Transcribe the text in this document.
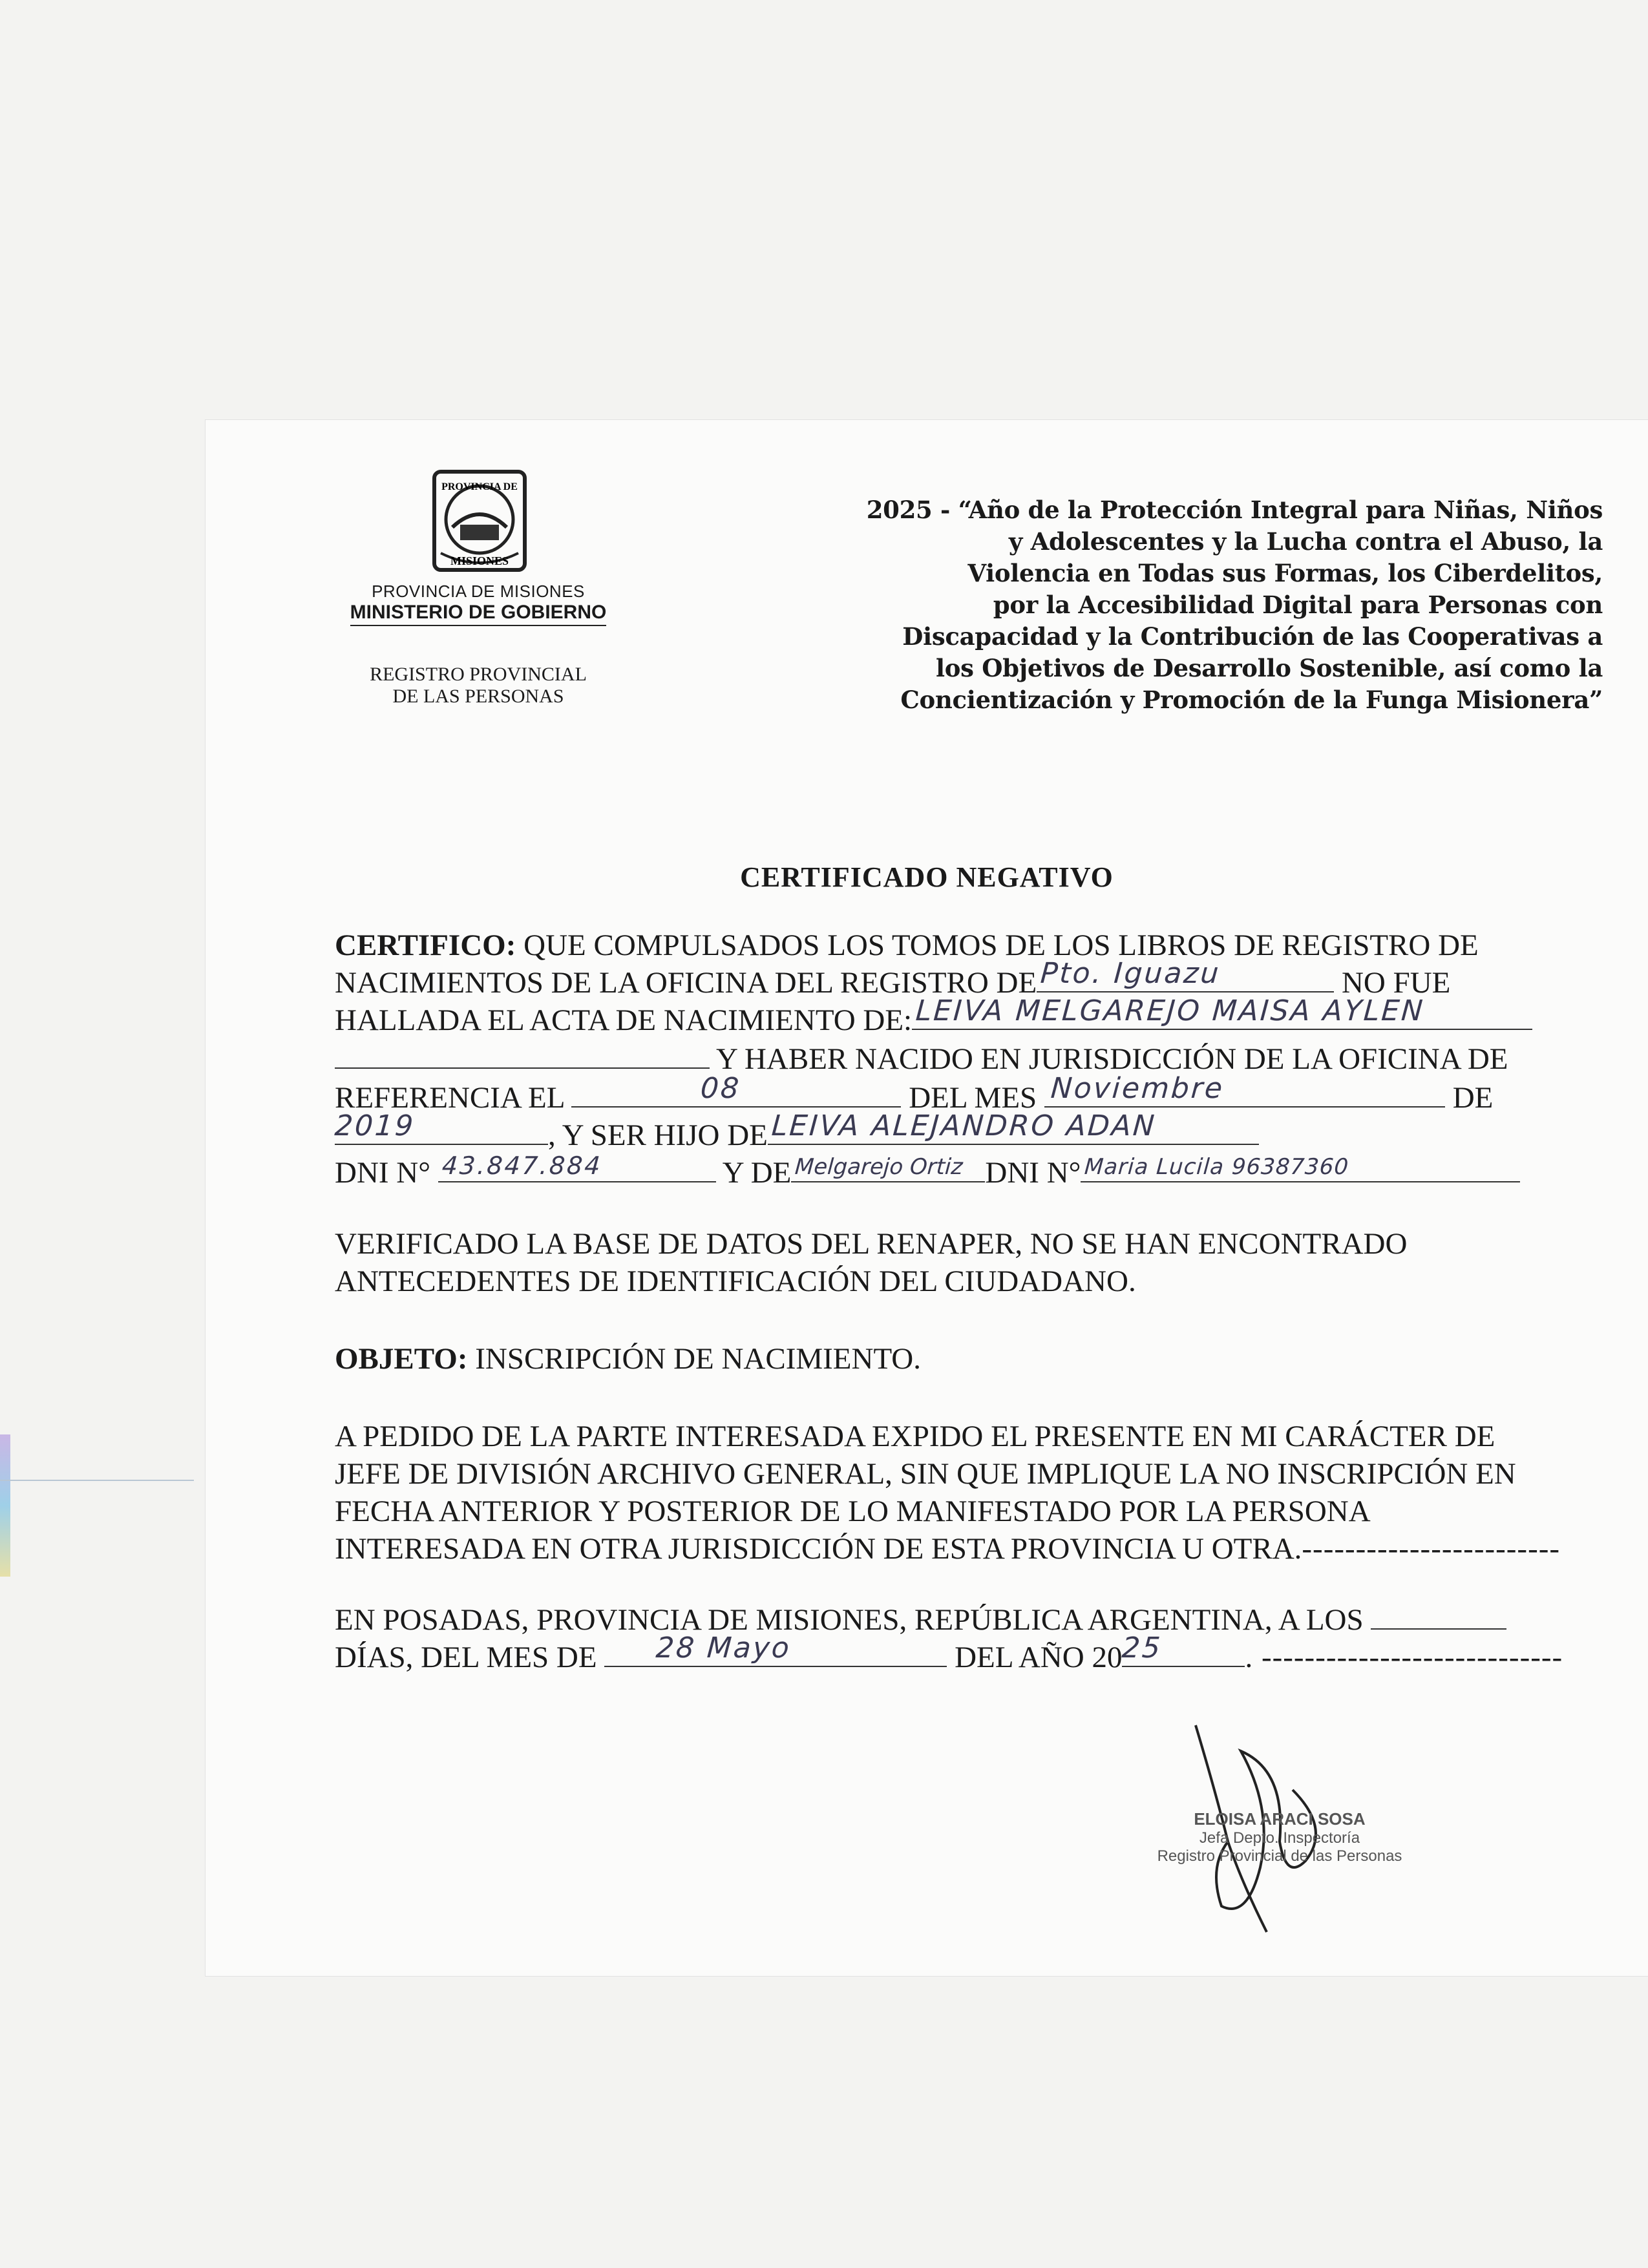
PROVINCIA DE
MISIONES
PROVINCIA DE MISIONES
MINISTERIO DE GOBIERNO
REGISTRO PROVINCIAL
DE LAS PERSONAS
2025 - “Año de la Protección Integral para Niñas, Niños
y Adolescentes y la Lucha contra el Abuso, la
Violencia en Todas sus Formas, los Ciberdelitos,
por la Accesibilidad Digital para Personas con
Discapacidad y la Contribución de las Cooperativas a
los Objetivos de Desarrollo Sostenible, así como la
Concientización y Promoción de la Funga Misionera”
CERTIFICADO NEGATIVO
CERTIFICO: QUE COMPULSADOS LOS TOMOS DE LOS LIBROS DE REGISTRO DE
NACIMIENTOS DE LA OFICINA DEL REGISTRO DE Pto. Iguazu	NO FUE
HALLADA EL ACTA DE NACIMIENTO DE: LEIVA MELGAREJO MAISA AYLEN
Y HABER NACIDO EN JURISDICCIÓN DE LA OFICINA DE
REFERENCIA EL	08	DEL MES Noviembre	DE
2019	, Y SER HIJO DE LEIVA ALEJANDRO ADAN
DNI N° 43.847.884	Y DE Melgarejo Ortiz DNI N° Maria Lucila 96387360
VERIFICADO LA BASE DE DATOS DEL RENAPER, NO SE HAN ENCONTRADO
ANTECEDENTES DE IDENTIFICACIÓN DEL CIUDADANO.
OBJETO: INSCRIPCIÓN DE NACIMIENTO.
A PEDIDO DE LA PARTE INTERESADA EXPIDO EL PRESENTE EN MI CARÁCTER DE
JEFE DE DIVISIÓN ARCHIVO GENERAL, SIN QUE IMPLIQUE LA NO INSCRIPCIÓN EN
FECHA ANTERIOR Y POSTERIOR DE LO MANIFESTADO POR LA PERSONA
INTERESADA EN OTRA JURISDICCIÓN DE ESTA PROVINCIA U OTRA.------------------------
EN POSADAS, PROVINCIA DE MISIONES, REPÚBLICA ARGENTINA, A LOS
DÍAS, DEL MES DE 28 Mayo	DEL AÑO 20
25	. ----------------------------
ELOISA ARACI SOSA
Jefa Depto. Inspectoría
Registro Provincial de las Personas
